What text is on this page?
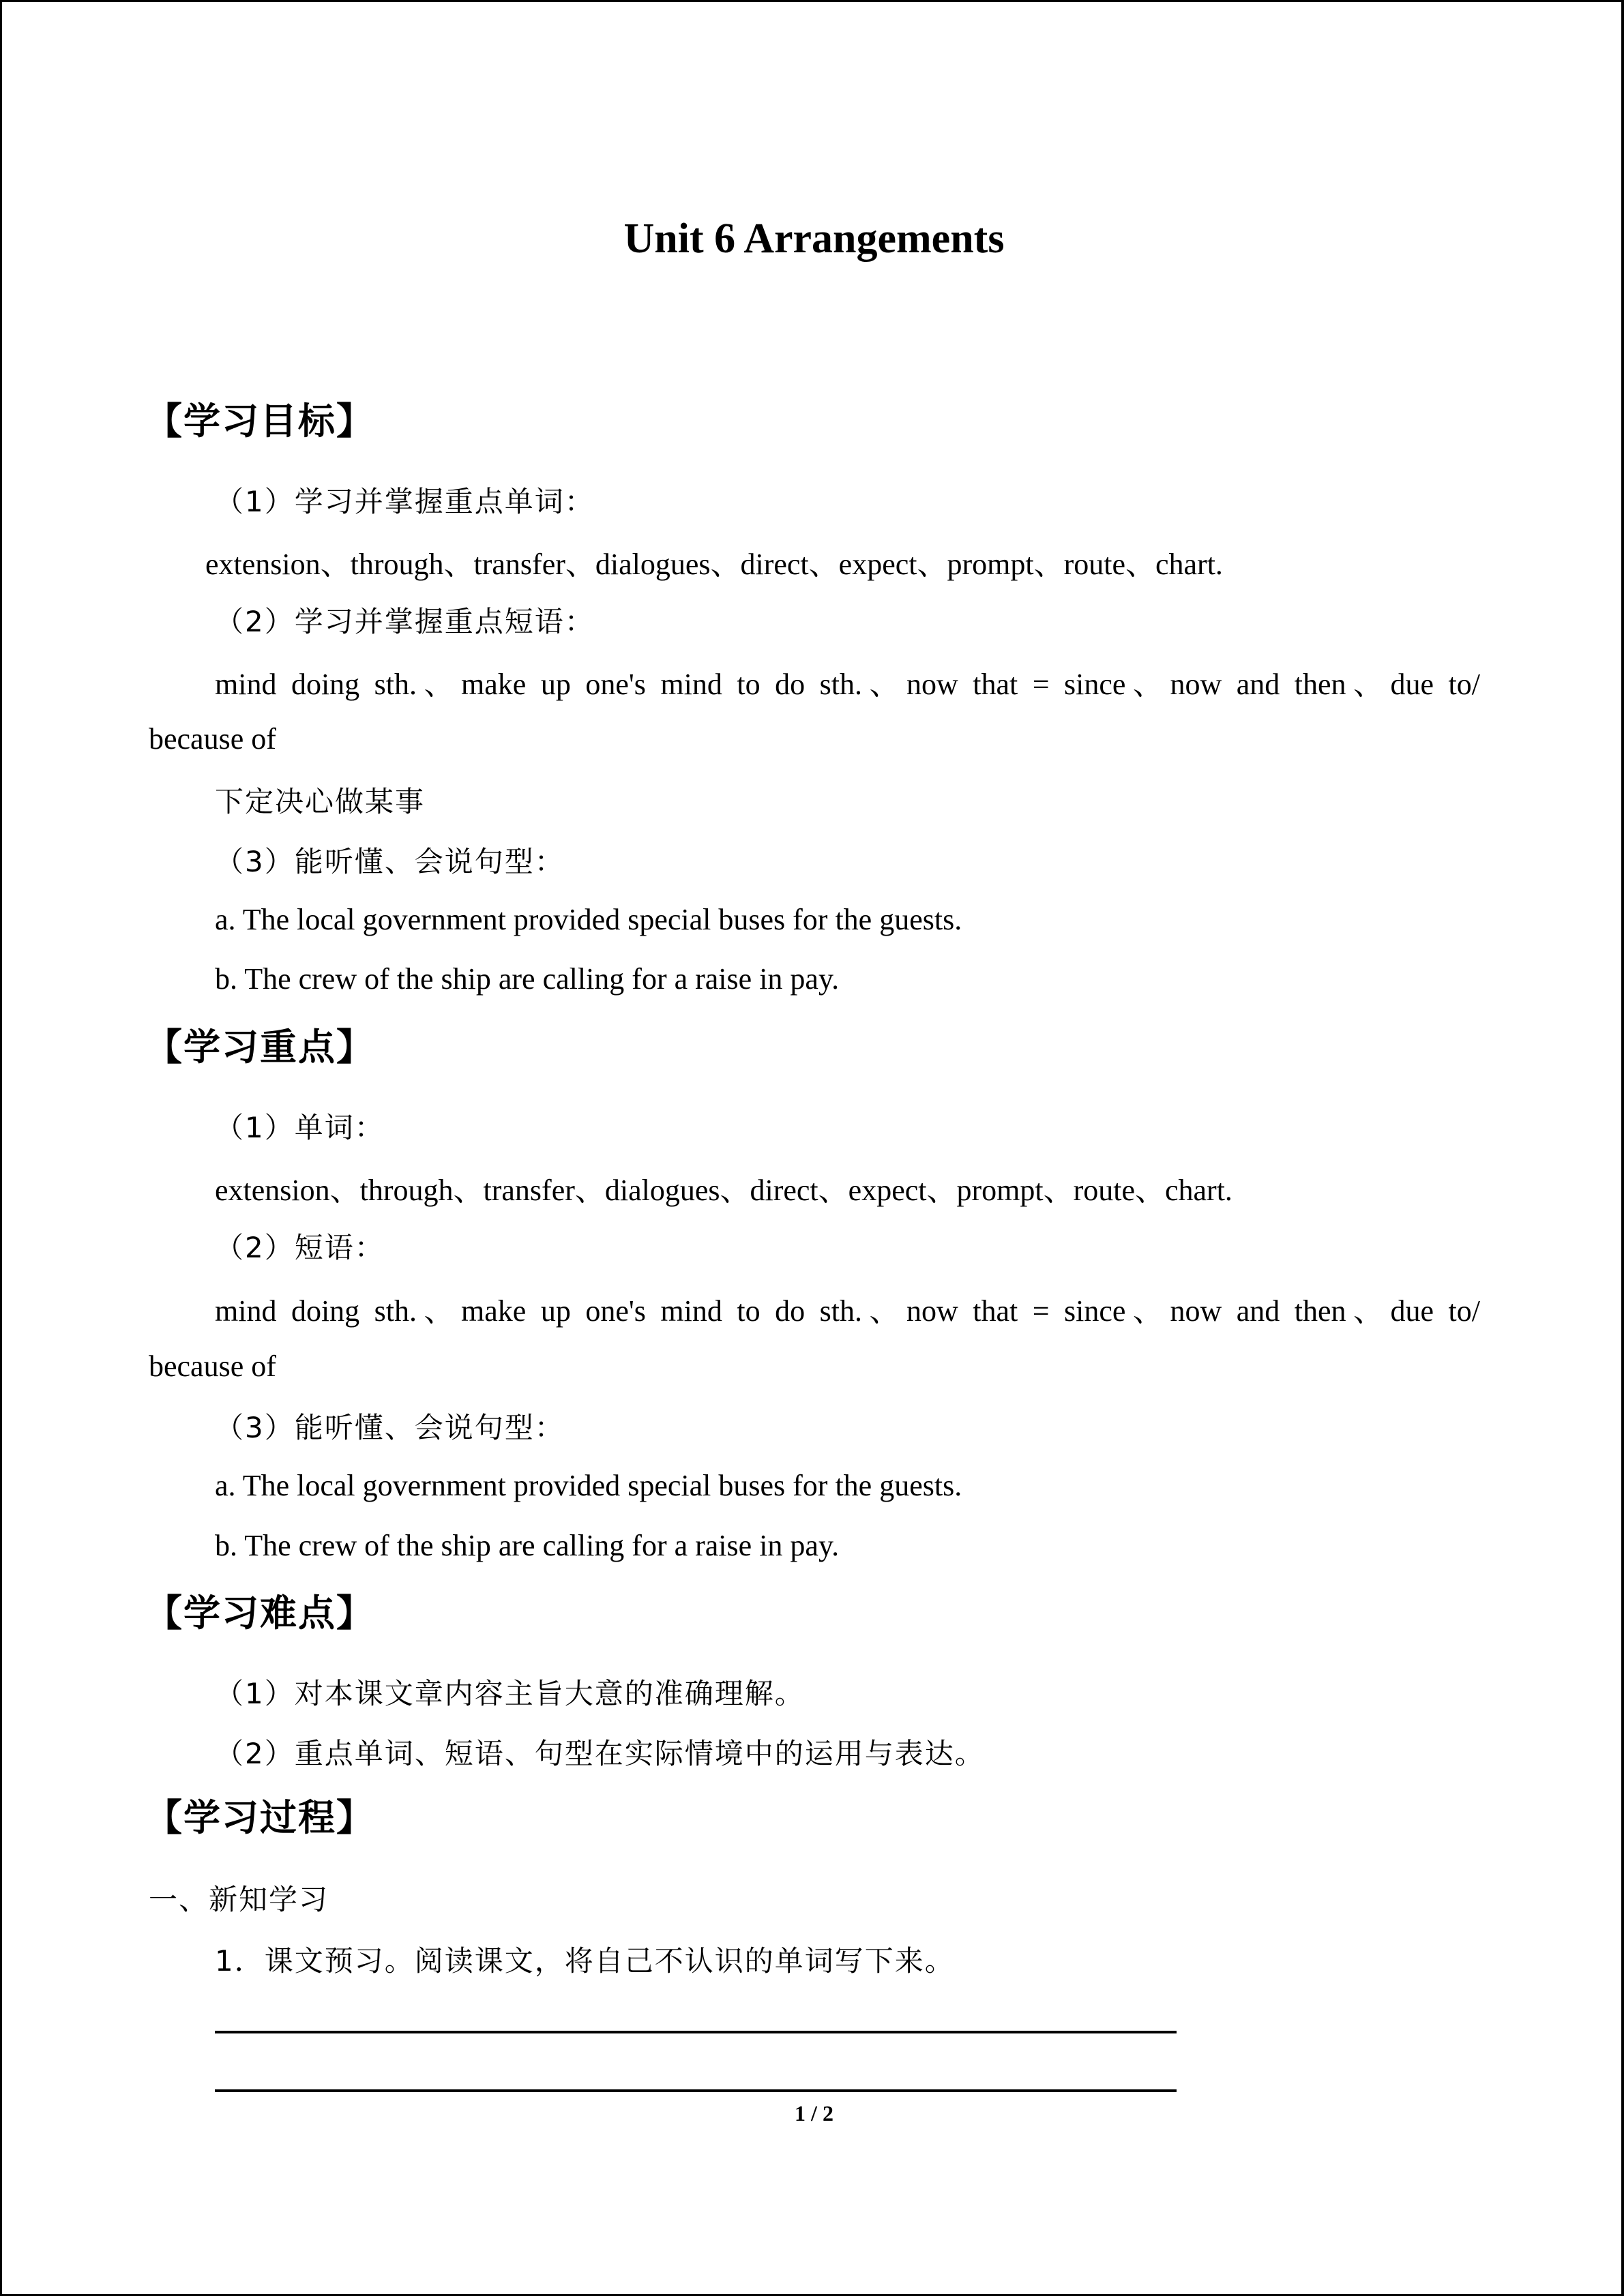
Unit 6 Arrangements
【学习目标】
（1）学习并掌握重点单词：
extension、through、transfer、dialogues、direct、expect、prompt、route、chart.
（2）学习并掌握重点短语：
mind doing sth.、make up one's mind to do sth.、now that = since、now and then、due to/
because of
下定决心做某事
（3）能听懂、会说句型：
a. The local government provided special buses for the guests.
b. The crew of the ship are calling for a raise in pay.
【学习重点】
（1）单词：
extension、through、transfer、dialogues、direct、expect、prompt、route、chart.
（2）短语：
mind doing sth.、make up one's mind to do sth.、now that = since、now and then、due to/
because of
（3）能听懂、会说句型：
a. The local government provided special buses for the guests.
b. The crew of the ship are calling for a raise in pay.
【学习难点】
（1）对本课文章内容主旨大意的准确理解。
（2）重点单词、短语、句型在实际情境中的运用与表达。
【学习过程】
一、新知学习
1．课文预习。阅读课文，将自己不认识的单词写下来。
1 / 2
